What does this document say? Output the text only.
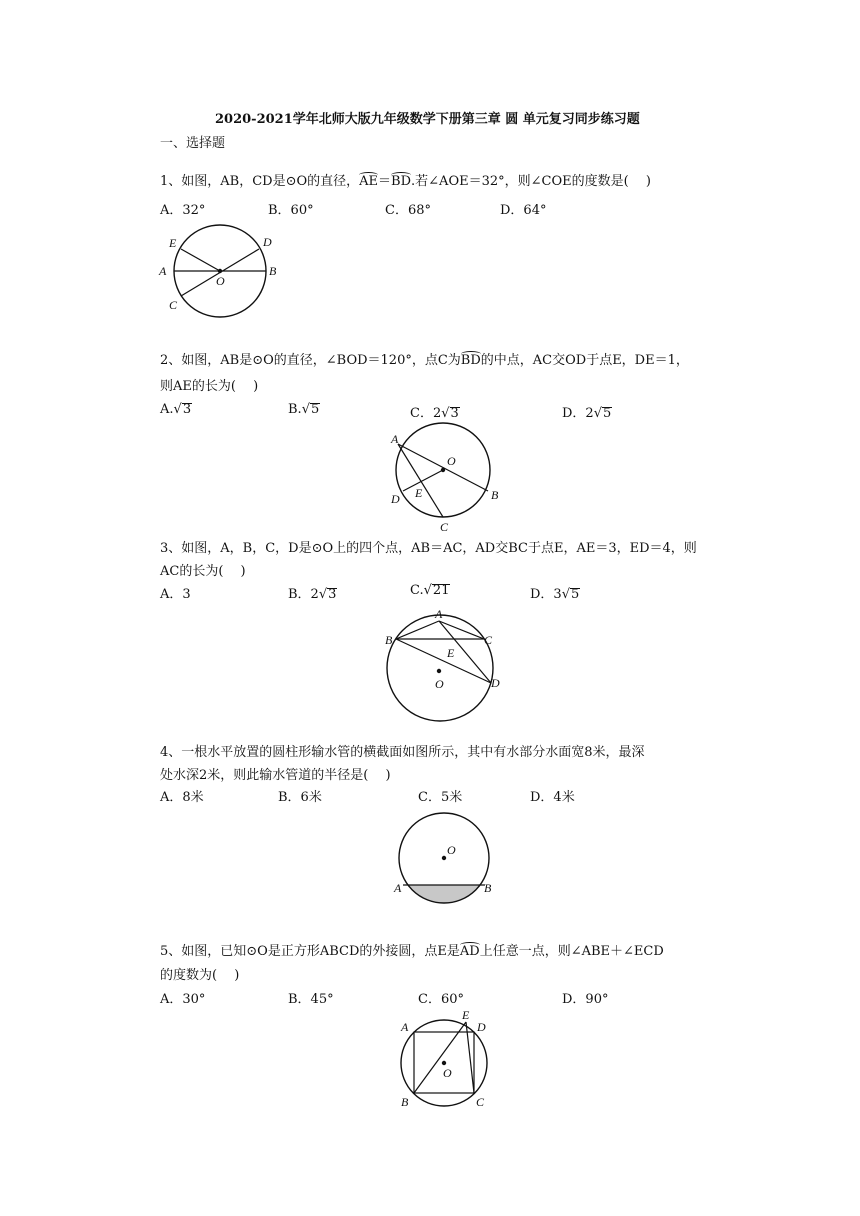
2020-2021学年北师大版九年级数学下册第三章 圆 单元复习同步练习题
一、选择题
1、如图，AB，CD是⊙O的直径，AE＝BD.若∠AOE＝32°，则∠COE的度数是(　 )
A．32°	B．60°	C．68°	D．64°
E	D
A	B
O
C
2、如图，AB是⊙O的直径，∠BOD＝120°，点C为BD的中点，AC交OD于点E，DE＝1，
则AE的长为(　 )
A. √ 3	B. √ 5	C．2 √ 3	D．2 √ 5
A
O
D E	B
C
3、如图，A，B，C，D是⊙O上的四个点，AB＝AC，AD交BC于点E，AE＝3，ED＝4，则
AC的长为(　 )
A．3	B．2 √ 3	C. √ 21	D．3 √ 5
A
B	C
E
O	D
4、一根水平放置的圆柱形输水管的横截面如图所示，其中有水部分水面宽8米，最深
处水深2米，则此输水管道的半径是(　 )
A．8米	B．6米	C．5米	D．4米
O
A	B
5、如图，已知⊙O是正方形ABCD的外接圆，点E是AD上任意一点，则∠ABE＋∠ECD
的度数为(　 )
A．30°	B．45°	C．60°	D．90°
A
E
D
O
B	C
